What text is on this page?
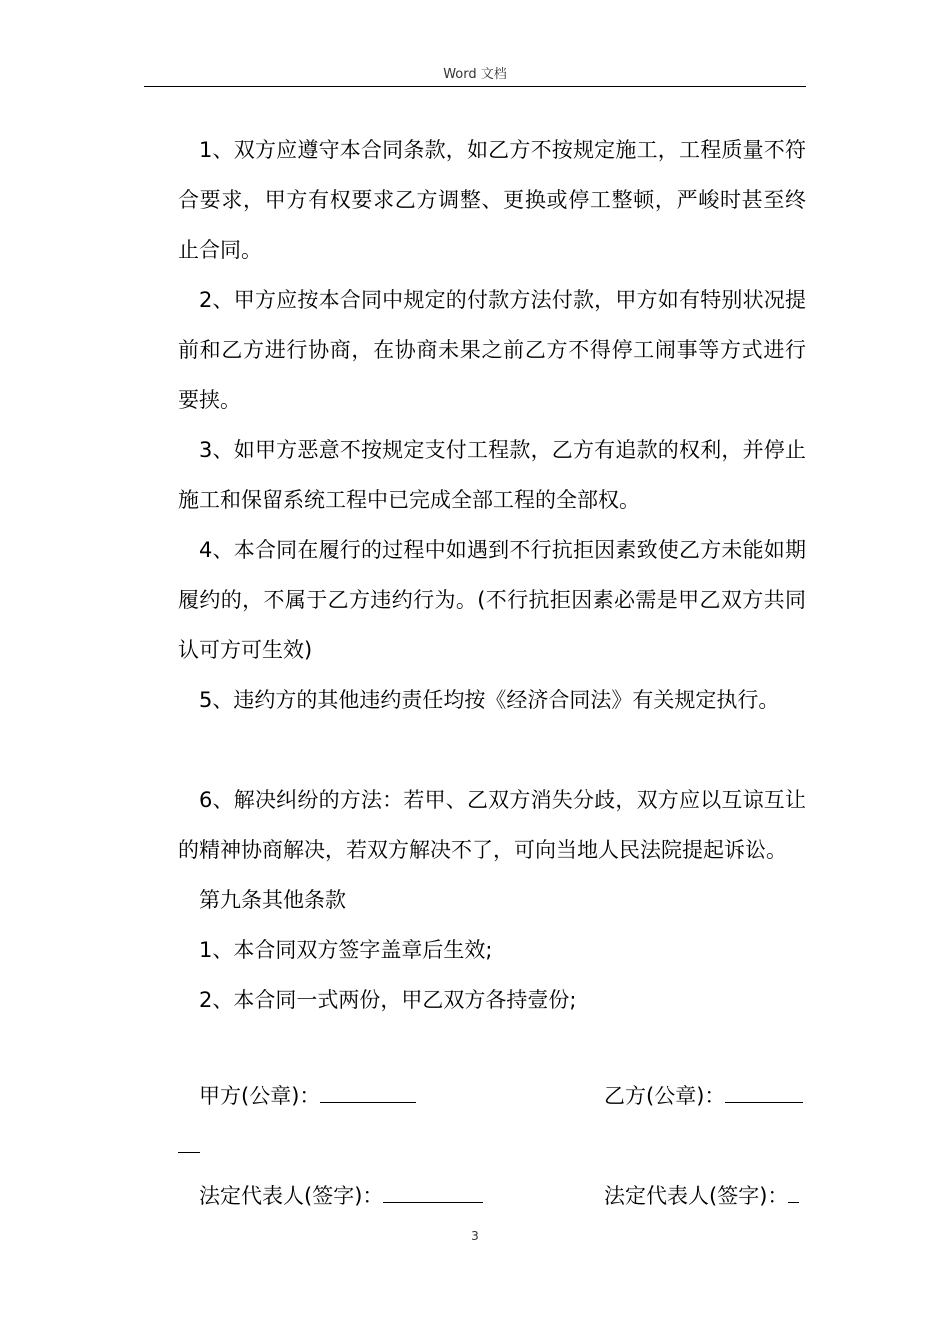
Word 文档

1、双方应遵守本合同条款，如乙方不按规定施工，工程质量不符合要求，甲方有权要求乙方调整、更换或停工整顿，严峻时甚至终止合同。

2、甲方应按本合同中规定的付款方法付款，甲方如有特别状况提前和乙方进行协商，在协商未果之前乙方不得停工闹事等方式进行要挟。

3、如甲方恶意不按规定支付工程款，乙方有追款的权利，并停止施工和保留系统工程中已完成全部工程的全部权。

4、本合同在履行的过程中如遇到不行抗拒因素致使乙方未能如期履约的，不属于乙方违约行为。(不行抗拒因素必需是甲乙双方共同认可方可生效)

5、违约方的其他违约责任均按《经济合同法》有关规定执行。

6、解决纠纷的方法：若甲、乙双方消失分歧，双方应以互谅互让的精神协商解决，若双方解决不了，可向当地人民法院提起诉讼。

第九条其他条款

1、本合同双方签字盖章后生效;

2、本合同一式两份，甲乙双方各持壹份;

甲方(公章)：	乙方(公章)：
法定代表人(签字)：	法定代表人(签字)：
3
